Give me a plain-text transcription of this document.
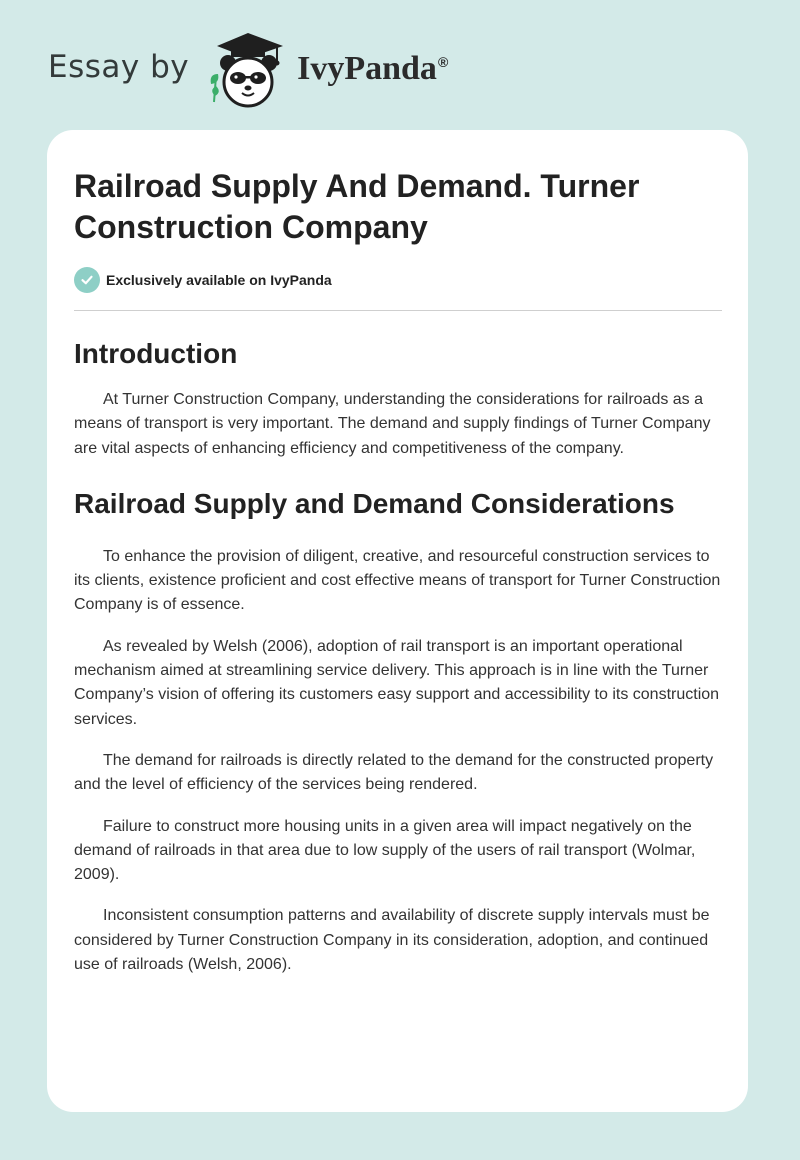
Essay by	IvyPanda®
Railroad Supply And Demand. Turner Construction Company
Exclusively available on IvyPanda
Introduction

At Turner Construction Company, understanding the considerations for railroads as a means of transport is very important. The demand and supply findings of Turner Company are vital aspects of enhancing efficiency and competitiveness of the company.

Railroad Supply and Demand Considerations

To enhance the provision of diligent, creative, and resourceful construction services to its clients, existence proficient and cost effective means of transport for Turner Construction Company is of essence.

As revealed by Welsh (2006), adoption of rail transport is an important operational mechanism aimed at streamlining service delivery. This approach is in line with the Turner Company’s vision of offering its customers easy support and accessibility to its construction services.

The demand for railroads is directly related to the demand for the constructed property and the level of efficiency of the services being rendered.

Failure to construct more housing units in a given area will impact negatively on the demand of railroads in that area due to low supply of the users of rail transport (Wolmar, 2009).

Inconsistent consumption patterns and availability of discrete supply intervals must be considered by Turner Construction Company in its consideration, adoption, and continued use of railroads (Welsh, 2006).
